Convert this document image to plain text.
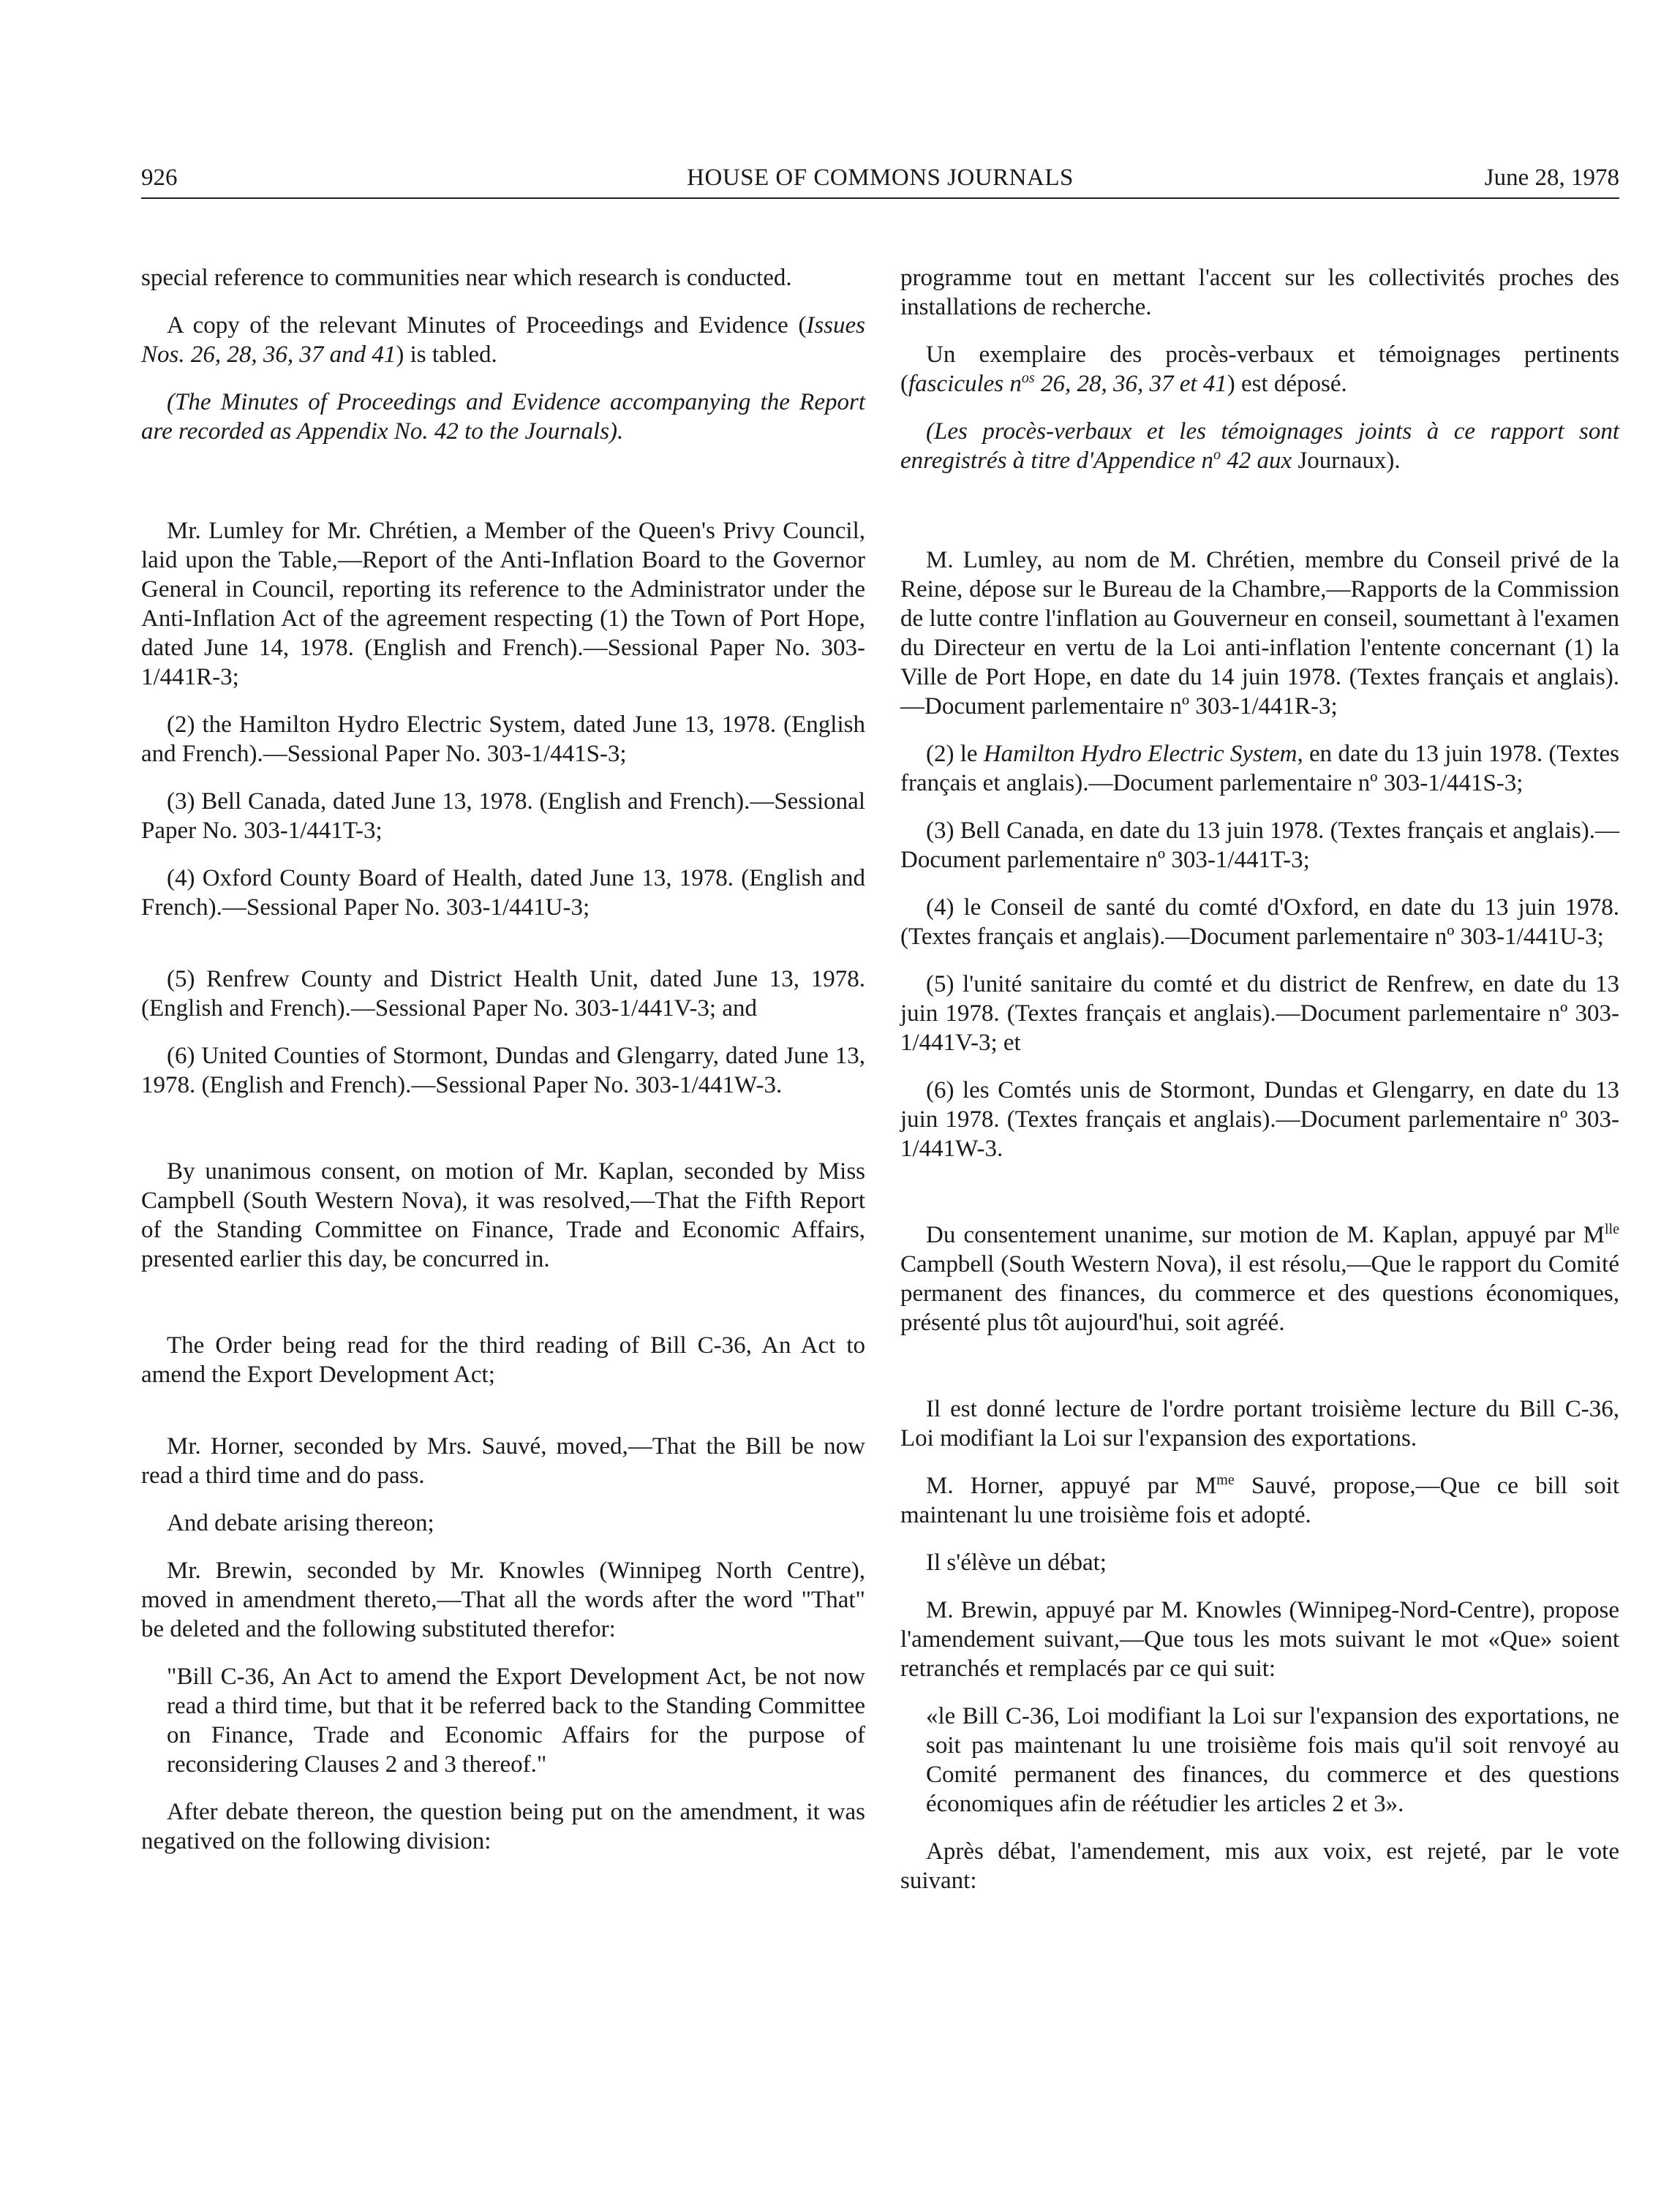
926	HOUSE OF COMMONS JOURNALS	June 28, 1978

special reference to communities near which research is conducted.

A copy of the relevant Minutes of Proceedings and Evidence (Issues Nos. 26, 28, 36, 37 and 41) is tabled.

(The Minutes of Proceedings and Evidence accompanying the Report are recorded as Appendix No. 42 to the Journals).

Mr. Lumley for Mr. Chrétien, a Member of the Queen's Privy Council, laid upon the Table,—Report of the Anti-Inflation Board to the Governor General in Council, reporting its reference to the Administrator under the Anti-Inflation Act of the agreement respecting (1) the Town of Port Hope, dated June 14, 1978. (English and French).—Sessional Paper No. 303-1/441R-3;

(2) the Hamilton Hydro Electric System, dated June 13, 1978. (English and French).—Sessional Paper No. 303-1/441S-3;

(3) Bell Canada, dated June 13, 1978. (English and French).—Sessional Paper No. 303-1/441T-3;

(4) Oxford County Board of Health, dated June 13, 1978. (English and French).—Sessional Paper No. 303-1/441U-3;

(5) Renfrew County and District Health Unit, dated June 13, 1978. (English and French).—Sessional Paper No. 303-1/441V-3; and

(6) United Counties of Stormont, Dundas and Glengarry, dated June 13, 1978. (English and French).—Sessional Paper No. 303-1/441W-3.

By unanimous consent, on motion of Mr. Kaplan, seconded by Miss Campbell (South Western Nova), it was resolved,—That the Fifth Report of the Standing Committee on Finance, Trade and Economic Affairs, presented earlier this day, be concurred in.

The Order being read for the third reading of Bill C-36, An Act to amend the Export Development Act;

Mr. Horner, seconded by Mrs. Sauvé, moved,—That the Bill be now read a third time and do pass.

And debate arising thereon;

Mr. Brewin, seconded by Mr. Knowles (Winnipeg North Centre), moved in amendment thereto,—That all the words after the word "That" be deleted and the following substituted therefor:

"Bill C-36, An Act to amend the Export Development Act, be not now read a third time, but that it be referred back to the Standing Committee on Finance, Trade and Economic Affairs for the purpose of reconsidering Clauses 2 and 3 thereof."

After debate thereon, the question being put on the amendment, it was negatived on the following division:

programme tout en mettant l'accent sur les collectivités proches des installations de recherche.

Un exemplaire des procès-verbaux et témoignages pertinents (fascicules $n^{os}$ 26, 28, 36, 37 et 41) est déposé.

(Les procès-verbaux et les témoignages joints à ce rapport sont enregistrés à titre d'Appendice $n^o$ 42 aux Journaux).

M. Lumley, au nom de M. Chrétien, membre du Conseil privé de la Reine, dépose sur le Bureau de la Chambre,—Rapports de la Commission de lutte contre l'inflation au Gouverneur en conseil, soumettant à l'examen du Directeur en vertu de la Loi anti-inflation l'entente concernant (1) la Ville de Port Hope, en date du 14 juin 1978. (Textes français et anglais).—Document parlementaire nº 303-1/441R-3;

(2) le Hamilton Hydro Electric System, en date du 13 juin 1978. (Textes français et anglais).—Document parlementaire nº 303-1/441S-3;

(3) Bell Canada, en date du 13 juin 1978. (Textes français et anglais).—Document parlementaire nº 303-1/441T-3;

(4) le Conseil de santé du comté d'Oxford, en date du 13 juin 1978. (Textes français et anglais).—Document parlementaire nº 303-1/441U-3;

(5) l'unité sanitaire du comté et du district de Renfrew, en date du 13 juin 1978. (Textes français et anglais).—Document parlementaire nº 303-1/441V-3; et

(6) les Comtés unis de Stormont, Dundas et Glengarry, en date du 13 juin 1978. (Textes français et anglais).—Document parlementaire nº 303-1/441W-3.

Du consentement unanime, sur motion de M. Kaplan, appuyé par $M^{lle}$ Campbell (South Western Nova), il est résolu,—Que le rapport du Comité permanent des finances, du commerce et des questions économiques, présenté plus tôt aujourd'hui, soit agréé.

Il est donné lecture de l'ordre portant troisième lecture du Bill C-36, Loi modifiant la Loi sur l'expansion des exportations.

M. Horner, appuyé par $M^{me}$ Sauvé, propose,—Que ce bill soit maintenant lu une troisième fois et adopté.

Il s'élève un débat;

M. Brewin, appuyé par M. Knowles (Winnipeg-Nord-Centre), propose l'amendement suivant,—Que tous les mots suivant le mot «Que» soient retranchés et remplacés par ce qui suit:

«le Bill C-36, Loi modifiant la Loi sur l'expansion des exportations, ne soit pas maintenant lu une troisième fois mais qu'il soit renvoyé au Comité permanent des finances, du commerce et des questions économiques afin de réétudier les articles 2 et 3».

Après débat, l'amendement, mis aux voix, est rejeté, par le vote suivant:
